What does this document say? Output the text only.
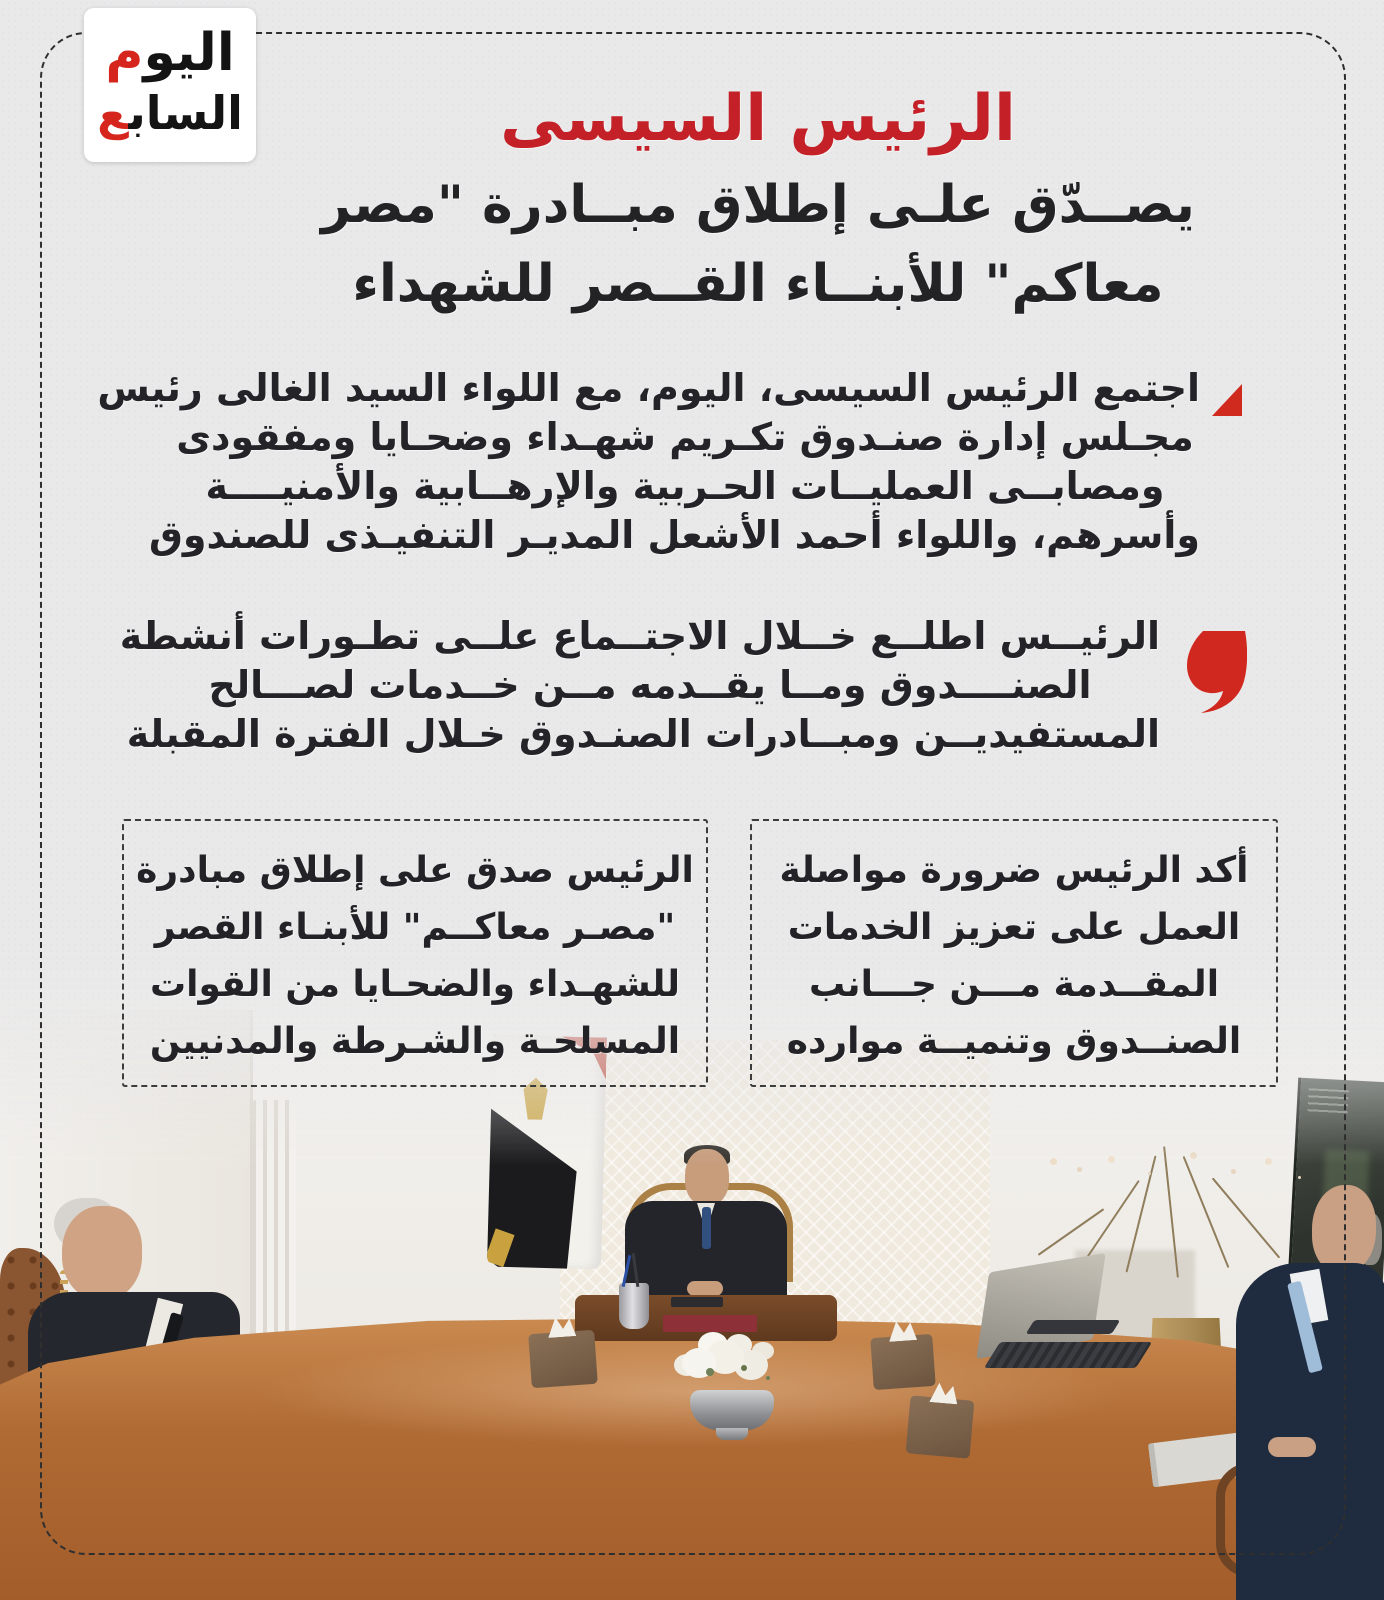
اليوم
الساب‍‍ع	الرئيس السيسى
يصــدّق علـى إطلاق مبــادرة "مصر
معاكم" للأبنــاء القــصر للشهداء
اجتمع الرئيس السيسى، اليوم، مع اللواء السيد الغالى رئيس
مجـلس إدارة صنـدوق تكـريم شهـداء وضحـايا ومفقودى
ومصابــى العمليــات الحـربية والإرهــابية والأمنيــــة
وأسرهم، واللواء أحمد الأشعل المديـر التنفيـذى للصندوق
الرئيــس اطلــع خــلال الاجتــماع علــى تطـورات أنشطة
الصنــــدوق ومــا يقــدمه مــن خــدمات لصـــالح
المستفيديــن ومبــادرات الصنـدوق خـلال الفترة المقبلة
أكد الرئيس ضرورة مواصلة
العمل على تعزيز الخدمات
المقــدمة مـــن جـــانب
الصنــدوق وتنميــة موارده
الرئيس صدق على إطلاق مبادرة
"مصـر معاكــم" للأبنـاء القصر
للشهـداء والضحـايا من القوات
المسلحـة والشـرطة والمدنيين
